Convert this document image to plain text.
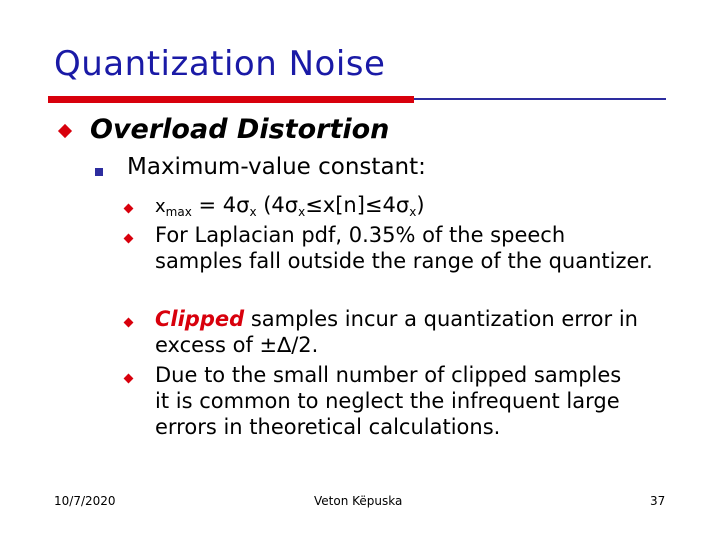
Quantization Noise
Overload Distortion
Maximum-value constant:
$x_{max} = 4\sigma_x$ $(4\sigma_x\le x[n]\le 4\sigma_x)$
For Laplacian pdf, 0.35% of the speech samples fall outside the range of the quantizer.
Clipped samples incur a quantization error in excess of ±∆/2.
Due to the small number of clipped samples it is common to neglect the infrequent large errors in theoretical calculations.
10/7/2020	Veton Këpuska	37
